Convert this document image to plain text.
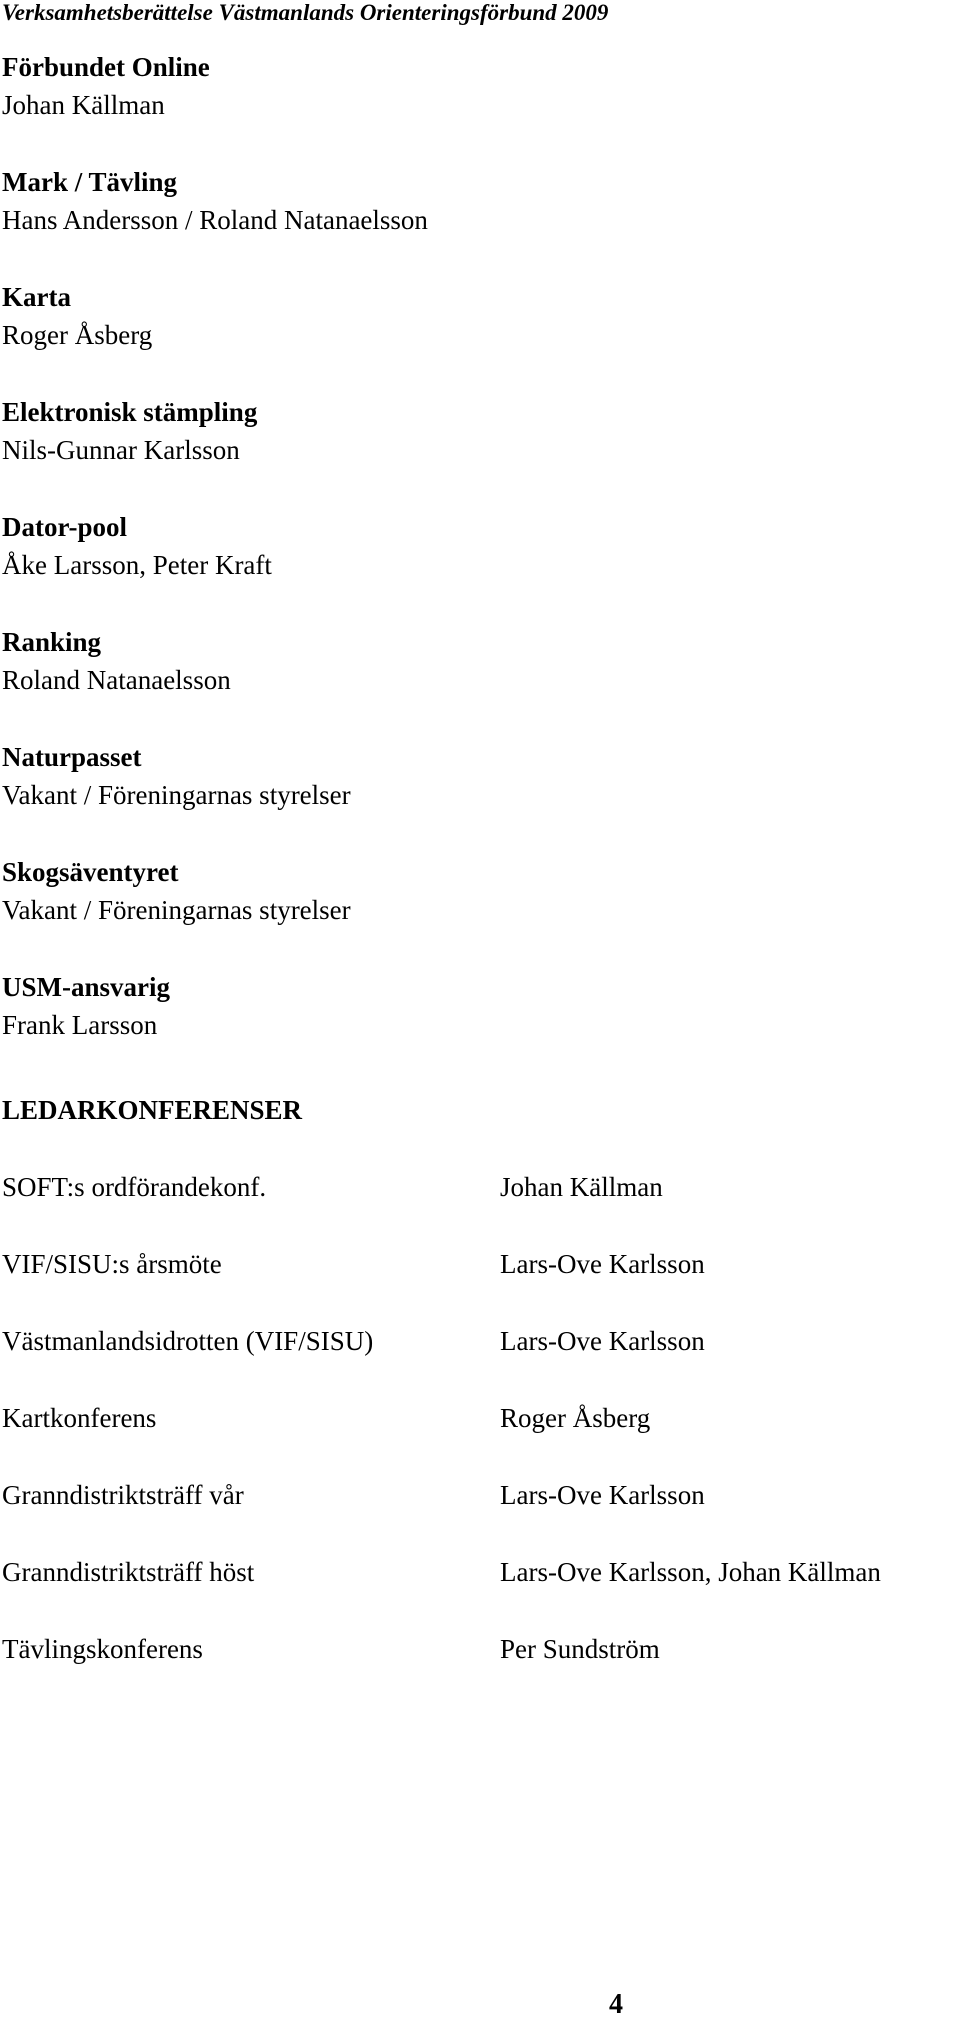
Verksamhetsberättelse Västmanlands Orienteringsförbund 2009
Förbundet Online
Johan Källman
Mark / Tävling
Hans Andersson / Roland Natanaelsson
Karta
Roger Åsberg
Elektronisk stämpling
Nils-Gunnar Karlsson
Dator-pool
Åke Larsson, Peter Kraft
Ranking
Roland Natanaelsson
Naturpasset
Vakant / Föreningarnas styrelser
Skogsäventyret
Vakant / Föreningarnas styrelser
USM-ansvarig
Frank Larsson
LEDARKONFERENSER
SOFT:s ordförandekonf.	Johan Källman
VIF/SISU:s årsmöte	Lars-Ove Karlsson
Västmanlandsidrotten (VIF/SISU)	Lars-Ove Karlsson
Kartkonferens	Roger Åsberg
Granndistriktsträff vår	Lars-Ove Karlsson
Granndistriktsträff höst	Lars-Ove Karlsson, Johan Källman
Tävlingskonferens	Per Sundström
4
